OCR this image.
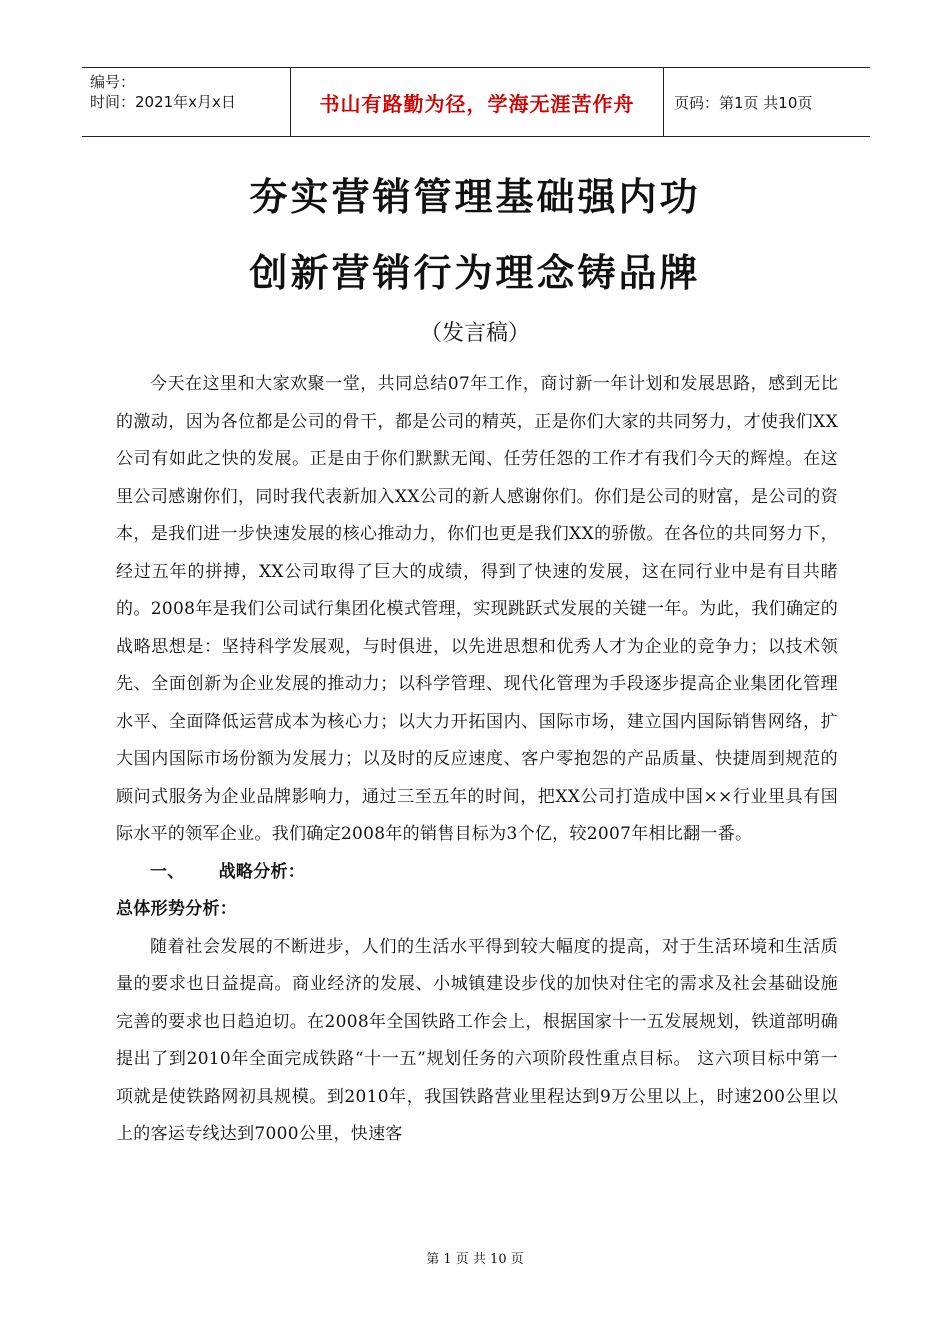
编号：
时间：2021年x月x日	书山有路勤为径，学海无涯苦作舟	页码：第1页 共10页
夯实营销管理基础强内功
创新营销行为理念铸品牌
（发言稿）

今天在这里和大家欢聚一堂，共同总结07年工作，商讨新一年计划和发展思路，感到无比的激动，因为各位都是公司的骨干，都是公司的精英，正是你们大家的共同努力，才使我们XX公司有如此之快的发展。正是由于你们默默无闻、任劳任怨的工作才有我们今天的辉煌。在这里公司感谢你们，同时我代表新加入XX公司的新人感谢你们。你们是公司的财富，是公司的资本，是我们进一步快速发展的核心推动力，你们也更是我们XX的骄傲。在各位的共同努力下，经过五年的拼搏，XX公司取得了巨大的成绩，得到了快速的发展，这在同行业中是有目共睹的。2008年是我们公司试行集团化模式管理，实现跳跃式发展的关键一年。为此，我们确定的战略思想是：坚持科学发展观，与时俱进，以先进思想和优秀人才为企业的竞争力；以技术领先、全面创新为企业发展的推动力；以科学管理、现代化管理为手段逐步提高企业集团化管理水平、全面降低运营成本为核心力；以大力开拓国内、国际市场，建立国内国际销售网络，扩大国内国际市场份额为发展力；以及时的反应速度、客户零抱怨的产品质量、快捷周到规范的顾问式服务为企业品牌影响力，通过三至五年的时间，把XX公司打造成中国××行业里具有国际水平的领军企业。我们确定2008年的销售目标为3个亿，较2007年相比翻一番。

一、 战略分析：

总体形势分析：

随着社会发展的不断进步，人们的生活水平得到较大幅度的提高，对于生活环境和生活质量的要求也日益提高。商业经济的发展、小城镇建设步伐的加快对住宅的需求及社会基础设施完善的要求也日趋迫切。在2008年全国铁路工作会上，根据国家十一五发展规划，铁道部明确提出了到2010年全面完成铁路“十一五”规划任务的六项阶段性重点目标。 这六项目标中第一项就是使铁路网初具规模。到2010年，我国铁路营业里程达到9万公里以上，时速200公里以上的客运专线达到7000公里，快速客

第 1 页 共 10 页
